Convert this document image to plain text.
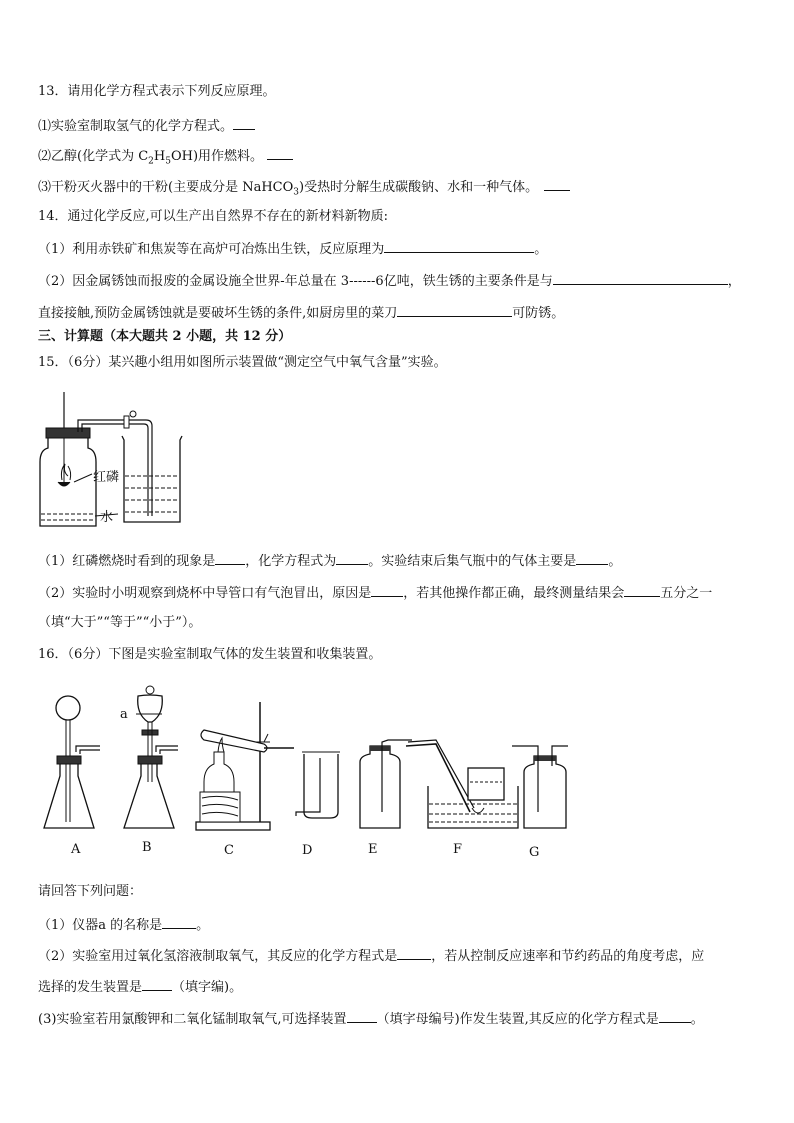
13．请用化学方程式表示下列反应原理。
⑴实验室制取氢气的化学方程式。
⑵乙醇(化学式为 $C_2H_5OH$)用作燃料。
⑶干粉灭火器中的干粉(主要成分是 NaHCO$_3$)受热时分解生成碳酸钠、水和一种气体。
14．通过化学反应,可以生产出自然界不存在的新材料新物质:
（1）利用赤铁矿和焦炭等在高炉可冶炼出生铁，反应原理为	。
（2）因金属锈蚀而报废的金属设施全世界-年总量在 3------6亿吨，铁生锈的主要条件是与	，
直接接触,预防金属锈蚀就是要破坏生锈的条件,如厨房里的菜刀	可防锈。
三、计算题（本大题共 2 小题，共 12 分）
15．（6分）某兴趣小组用如图所示装置做“测定空气中氧气含量”实验。
红磷
水
（1）红磷燃烧时看到的现象是 ，化学方程式为 。实验结束后集气瓶中的气体主要是 。
（2）实验时小明观察到烧杯中导管口有气泡冒出，原因是 ，若其他操作都正确，最终测量结果会	五分之一
（填“大于”“等于”“小于”）。
16．（6分）下图是实验室制取气体的发生装置和收集装置。
a
A	B	C	D	E	F	G
请回答下列问题：
（1）仪器a 的名称是	。
（2）实验室用过氧化氢溶液制取氧气，其反应的化学方程式是	，若从控制反应速率和节约药品的角度考虑，应
选择的发生装置是 （填字编)。
(3)实验室若用氯酸钾和二氧化锰制取氧气,可选择装置 （填字母编号)作发生装置,其反应的化学方程式是 。
